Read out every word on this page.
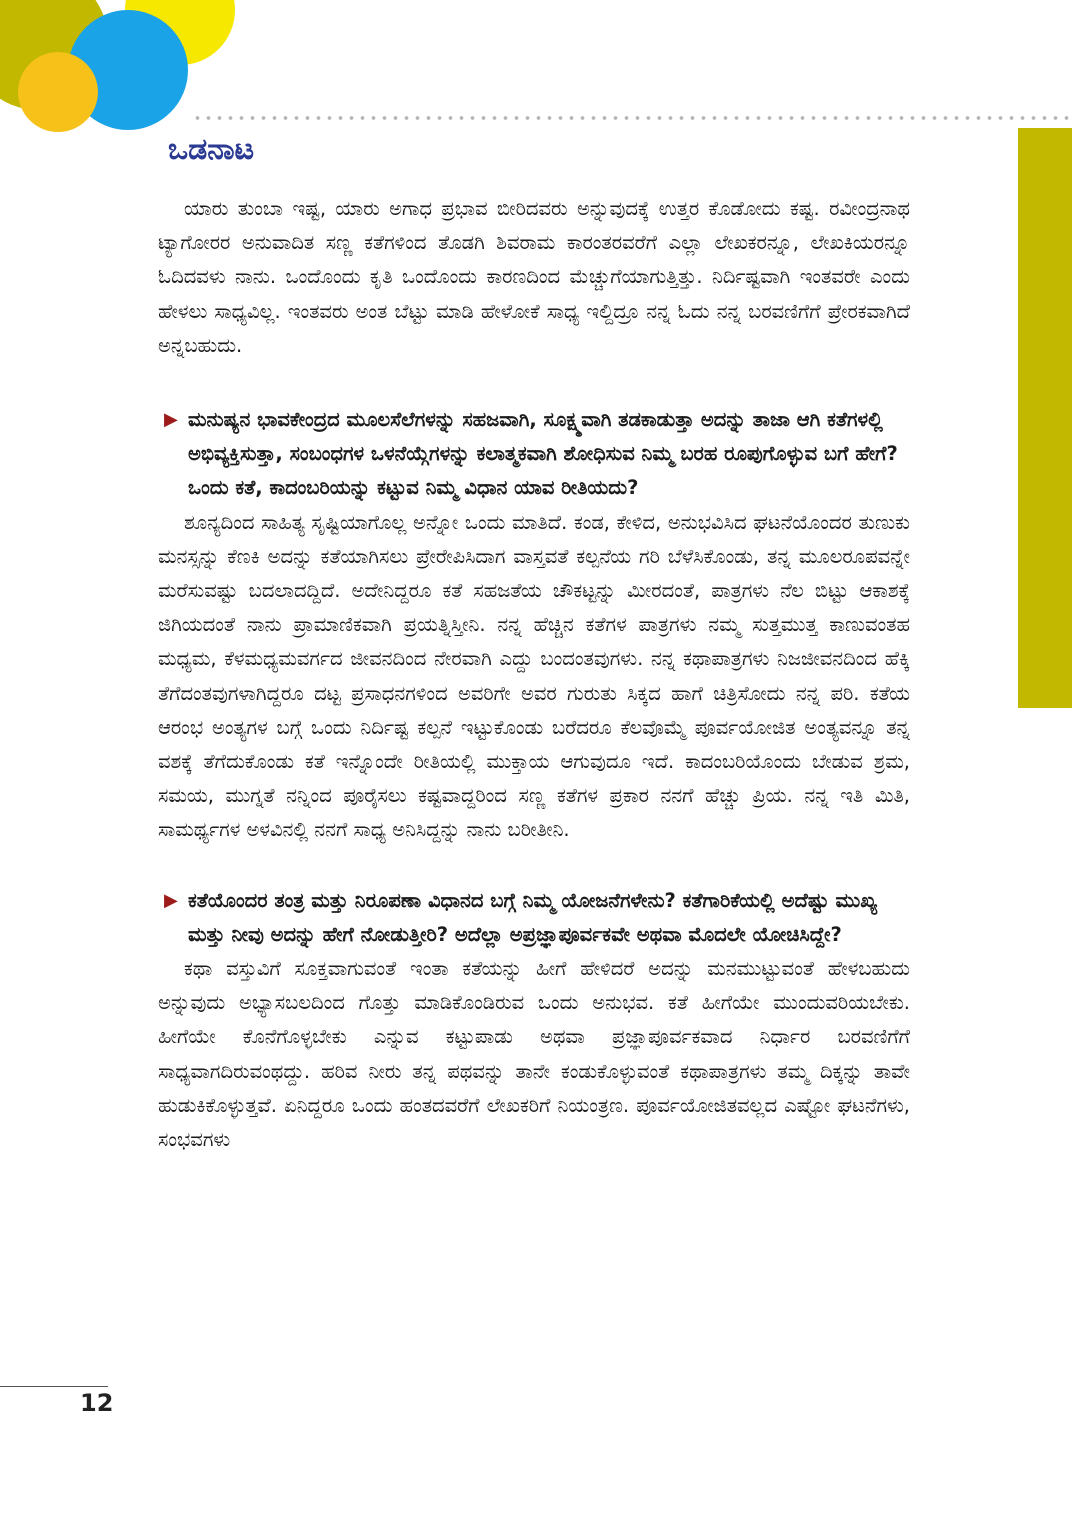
ಒಡನಾಟ

ಯಾರು ತುಂಬಾ ಇಷ್ಟ, ಯಾರು ಅಗಾಧ ಪ್ರಭಾವ ಬೀರಿದವರು ಅನ್ನುವುದಕ್ಕೆ ಉತ್ತರ ಕೊಡೋದು ಕಷ್ಟ. ರವೀಂದ್ರನಾಥ ಟ್ಯಾಗೋರರ ಅನುವಾದಿತ ಸಣ್ಣ ಕತೆಗಳಿಂದ ತೊಡಗಿ ಶಿವರಾಮ ಕಾರಂತರವರೆಗೆ ಎಲ್ಲಾ ಲೇಖಕರನ್ನೂ, ಲೇಖಕಿಯರನ್ನೂ ಓದಿದವಳು ನಾನು. ಒಂದೊಂದು ಕೃತಿ ಒಂದೊಂದು ಕಾರಣದಿಂದ ಮೆಚ್ಚುಗೆಯಾಗುತ್ತಿತ್ತು. ನಿರ್ದಿಷ್ಟವಾಗಿ ಇಂತವರೇ ಎಂದು ಹೇಳಲು ಸಾಧ್ಯವಿಲ್ಲ. ಇಂತವರು ಅಂತ ಬೆಟ್ಟು ಮಾಡಿ ಹೇಳೋಕೆ ಸಾಧ್ಯ ಇಲ್ದಿದ್ರೂ ನನ್ನ ಓದು ನನ್ನ ಬರವಣಿಗೆಗೆ ಪ್ರೇರಕವಾಗಿದೆ ಅನ್ನಬಹುದು.

▶ ಮನುಷ್ಯನ ಭಾವಕೇಂದ್ರದ ಮೂಲಸೆಲೆಗಳನ್ನು ಸಹಜವಾಗಿ, ಸೂಕ್ಷ್ಮವಾಗಿ ತಡಕಾಡುತ್ತಾ ಅದನ್ನು ತಾಜಾ ಆಗಿ ಕತೆಗಳಲ್ಲಿ ಅಭಿವ್ಯಕ್ತಿಸುತ್ತಾ, ಸಂಬಂಧಗಳ ಒಳನೆಯ್ಗೆಗಳನ್ನು ಕಲಾತ್ಮಕವಾಗಿ ಶೋಧಿಸುವ ನಿಮ್ಮ ಬರಹ ರೂಪುಗೊಳ್ಳುವ ಬಗೆ ಹೇಗೆ? ಒಂದು ಕತೆ, ಕಾದಂಬರಿಯನ್ನು ಕಟ್ಟುವ ನಿಮ್ಮ ವಿಧಾನ ಯಾವ ರೀತಿಯದು?

ಶೂನ್ಯದಿಂದ ಸಾಹಿತ್ಯ ಸೃಷ್ಟಿಯಾಗೊಲ್ಲ ಅನ್ನೋ ಒಂದು ಮಾತಿದೆ. ಕಂಡ, ಕೇಳಿದ, ಅನುಭವಿಸಿದ ಘಟನೆಯೊಂದರ ತುಣುಕು ಮನಸ್ಸನ್ನು ಕೆಣಕಿ ಅದನ್ನು ಕತೆಯಾಗಿಸಲು ಪ್ರೇರೇಪಿಸಿದಾಗ ವಾಸ್ತವತೆ ಕಲ್ಪನೆಯ ಗರಿ ಬೆಳೆಸಿಕೊಂಡು, ತನ್ನ ಮೂಲರೂಪವನ್ನೇ ಮರೆಸುವಷ್ಟು ಬದಲಾದದ್ದಿದೆ. ಅದೇನಿದ್ದರೂ ಕತೆ ಸಹಜತೆಯ ಚೌಕಟ್ಟನ್ನು ಮೀರದಂತೆ, ಪಾತ್ರಗಳು ನೆಲ ಬಿಟ್ಟು ಆಕಾಶಕ್ಕೆ ಜಿಗಿಯದಂತೆ ನಾನು ಪ್ರಾಮಾಣಿಕವಾಗಿ ಪ್ರಯತ್ನಿಸ್ತೀನಿ. ನನ್ನ ಹೆಚ್ಚಿನ ಕತೆಗಳ ಪಾತ್ರಗಳು ನಮ್ಮ ಸುತ್ತಮುತ್ತ ಕಾಣುವಂತಹ ಮಧ್ಯಮ, ಕೆಳಮಧ್ಯಮವರ್ಗದ ಜೀವನದಿಂದ ನೇರವಾಗಿ ಎದ್ದು ಬಂದಂತವುಗಳು. ನನ್ನ ಕಥಾಪಾತ್ರಗಳು ನಿಜಜೀವನದಿಂದ ಹೆಕ್ಕಿ ತೆಗೆದಂತವುಗಳಾಗಿದ್ದರೂ ದಟ್ಟ ಪ್ರಸಾಧನಗಳಿಂದ ಅವರಿಗೇ ಅವರ ಗುರುತು ಸಿಕ್ಕದ ಹಾಗೆ ಚಿತ್ರಿಸೋದು ನನ್ನ ಪರಿ. ಕತೆಯ ಆರಂಭ ಅಂತ್ಯಗಳ ಬಗ್ಗೆ ಒಂದು ನಿರ್ದಿಷ್ಟ ಕಲ್ಪನೆ ಇಟ್ಟುಕೊಂಡು ಬರೆದರೂ ಕೆಲವೊಮ್ಮೆ ಪೂರ್ವಯೋಜಿತ ಅಂತ್ಯವನ್ನೂ ತನ್ನ ವಶಕ್ಕೆ ತೆಗೆದುಕೊಂಡು ಕತೆ ಇನ್ನೊಂದೇ ರೀತಿಯಲ್ಲಿ ಮುಕ್ತಾಯ ಆಗುವುದೂ ಇದೆ. ಕಾದಂಬರಿಯೊಂದು ಬೇಡುವ ಶ್ರಮ, ಸಮಯ, ಮುಗ್ನತೆ ನನ್ನಿಂದ ಪೂರೈಸಲು ಕಷ್ಟವಾದ್ದರಿಂದ ಸಣ್ಣ ಕತೆಗಳ ಪ್ರಕಾರ ನನಗೆ ಹೆಚ್ಚು ಪ್ರಿಯ. ನನ್ನ ಇತಿ ಮಿತಿ, ಸಾಮರ್ಥ್ಯಗಳ ಅಳವಿನಲ್ಲಿ ನನಗೆ ಸಾಧ್ಯ ಅನಿಸಿದ್ದನ್ನು ನಾನು ಬರೀತೀನಿ.

▶ ಕತೆಯೊಂದರ ತಂತ್ರ ಮತ್ತು ನಿರೂಪಣಾ ವಿಧಾನದ ಬಗ್ಗೆ ನಿಮ್ಮ ಯೋಜನೆಗಳೇನು? ಕತೆಗಾರಿಕೆಯಲ್ಲಿ ಅದೆಷ್ಟು ಮುಖ್ಯ ಮತ್ತು ನೀವು ಅದನ್ನು ಹೇಗೆ ನೋಡುತ್ತೀರಿ? ಅದೆಲ್ಲಾ ಅಪ್ರಜ್ಞಾಪೂರ್ವಕವೇ ಅಥವಾ ಮೊದಲೇ ಯೋಚಿಸಿದ್ದೇ?

ಕಥಾ ವಸ್ತುವಿಗೆ ಸೂಕ್ತವಾಗುವಂತೆ ಇಂತಾ ಕತೆಯನ್ನು ಹೀಗೆ ಹೇಳಿದರೆ ಅದನ್ನು ಮನಮುಟ್ಟುವಂತೆ ಹೇಳಬಹುದು ಅನ್ನುವುದು ಅಭ್ಯಾಸಬಲದಿಂದ ಗೊತ್ತು ಮಾಡಿಕೊಂಡಿರುವ ಒಂದು ಅನುಭವ. ಕತೆ ಹೀಗೆಯೇ ಮುಂದುವರಿಯಬೇಕು. ಹೀಗೆಯೇ ಕೊನೆಗೊಳ್ಳಬೇಕು ಎನ್ನುವ ಕಟ್ಟುಪಾಡು ಅಥವಾ ಪ್ರಜ್ಞಾಪೂರ್ವಕವಾದ ನಿರ್ಧಾರ ಬರವಣಿಗೆಗೆ ಸಾಧ್ಯವಾಗದಿರುವಂಥದ್ದು. ಹರಿವ ನೀರು ತನ್ನ ಪಥವನ್ನು ತಾನೇ ಕಂಡುಕೊಳ್ಳುವಂತೆ ಕಥಾಪಾತ್ರಗಳು ತಮ್ಮ ದಿಕ್ಕನ್ನು ತಾವೇ ಹುಡುಕಿಕೊಳ್ಳುತ್ತವೆ. ಏನಿದ್ದರೂ ಒಂದು ಹಂತದವರೆಗೆ ಲೇಖಕರಿಗೆ ನಿಯಂತ್ರಣ. ಪೂರ್ವಯೋಜಿತವಲ್ಲದ ಎಷ್ಟೋ ಘಟನೆಗಳು, ಸಂಭವಗಳು

12
